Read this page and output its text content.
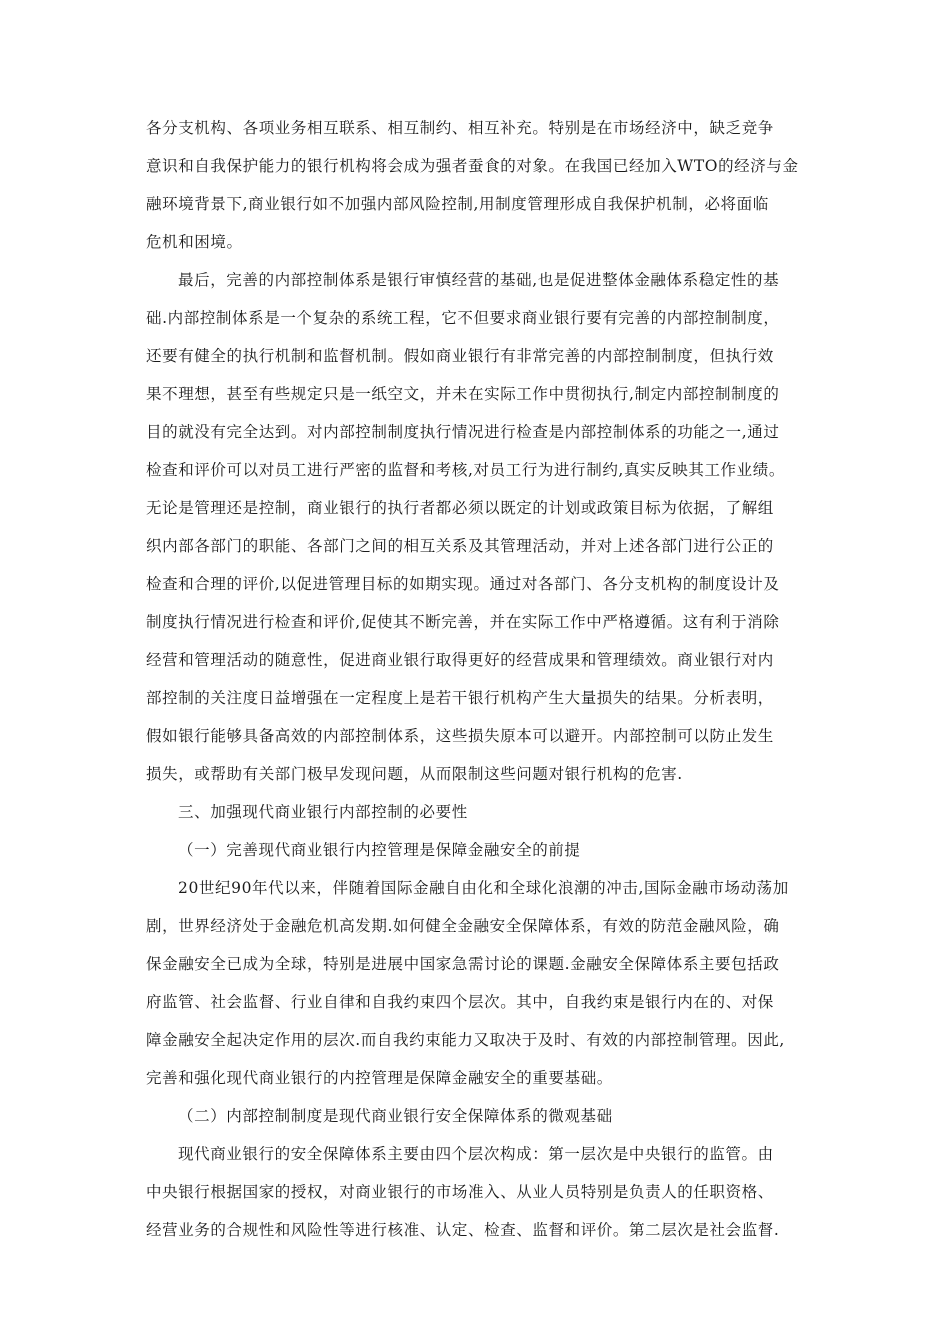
各分支机构、各项业务相互联系、相互制约、相互补充。特别是在市场经济中，缺乏竞争
意识和自我保护能力的银行机构将会成为强者蚕食的对象。在我国已经加入WTO的经济与金
融环境背景下,商业银行如不加强内部风险控制,用制度管理形成自我保护机制，必将面临
危机和困境。
最后，完善的内部控制体系是银行审慎经营的基础,也是促进整体金融体系稳定性的基
础.内部控制体系是一个复杂的系统工程，它不但要求商业银行要有完善的内部控制制度，
还要有健全的执行机制和监督机制。假如商业银行有非常完善的内部控制制度，但执行效
果不理想，甚至有些规定只是一纸空文，并未在实际工作中贯彻执行,制定内部控制制度的
目的就没有完全达到。对内部控制制度执行情况进行检查是内部控制体系的功能之一,通过
检查和评价可以对员工进行严密的监督和考核,对员工行为进行制约,真实反映其工作业绩。
无论是管理还是控制，商业银行的执行者都必须以既定的计划或政策目标为依据，了解组
织内部各部门的职能、各部门之间的相互关系及其管理活动，并对上述各部门进行公正的
检查和合理的评价,以促进管理目标的如期实现。通过对各部门、各分支机构的制度设计及
制度执行情况进行检查和评价,促使其不断完善，并在实际工作中严格遵循。这有利于消除
经营和管理活动的随意性，促进商业银行取得更好的经营成果和管理绩效。商业银行对内
部控制的关注度日益增强在一定程度上是若干银行机构产生大量损失的结果。分析表明，
假如银行能够具备高效的内部控制体系，这些损失原本可以避开。内部控制可以防止发生
损失，或帮助有关部门极早发现问题，从而限制这些问题对银行机构的危害.
三、加强现代商业银行内部控制的必要性
（一）完善现代商业银行内控管理是保障金融安全的前提
20世纪90年代以来，伴随着国际金融自由化和全球化浪潮的冲击,国际金融市场动荡加
剧，世界经济处于金融危机高发期.如何健全金融安全保障体系，有效的防范金融风险，确
保金融安全已成为全球，特别是进展中国家急需讨论的课题.金融安全保障体系主要包括政
府监管、社会监督、行业自律和自我约束四个层次。其中，自我约束是银行内在的、对保
障金融安全起决定作用的层次.而自我约束能力又取决于及时、有效的内部控制管理。因此,
完善和强化现代商业银行的内控管理是保障金融安全的重要基础。
（二）内部控制制度是现代商业银行安全保障体系的微观基础
现代商业银行的安全保障体系主要由四个层次构成：第一层次是中央银行的监管。由
中央银行根据国家的授权，对商业银行的市场准入、从业人员特别是负责人的任职资格、
经营业务的合规性和风险性等进行核准、认定、检查、监督和评价。第二层次是社会监督.
